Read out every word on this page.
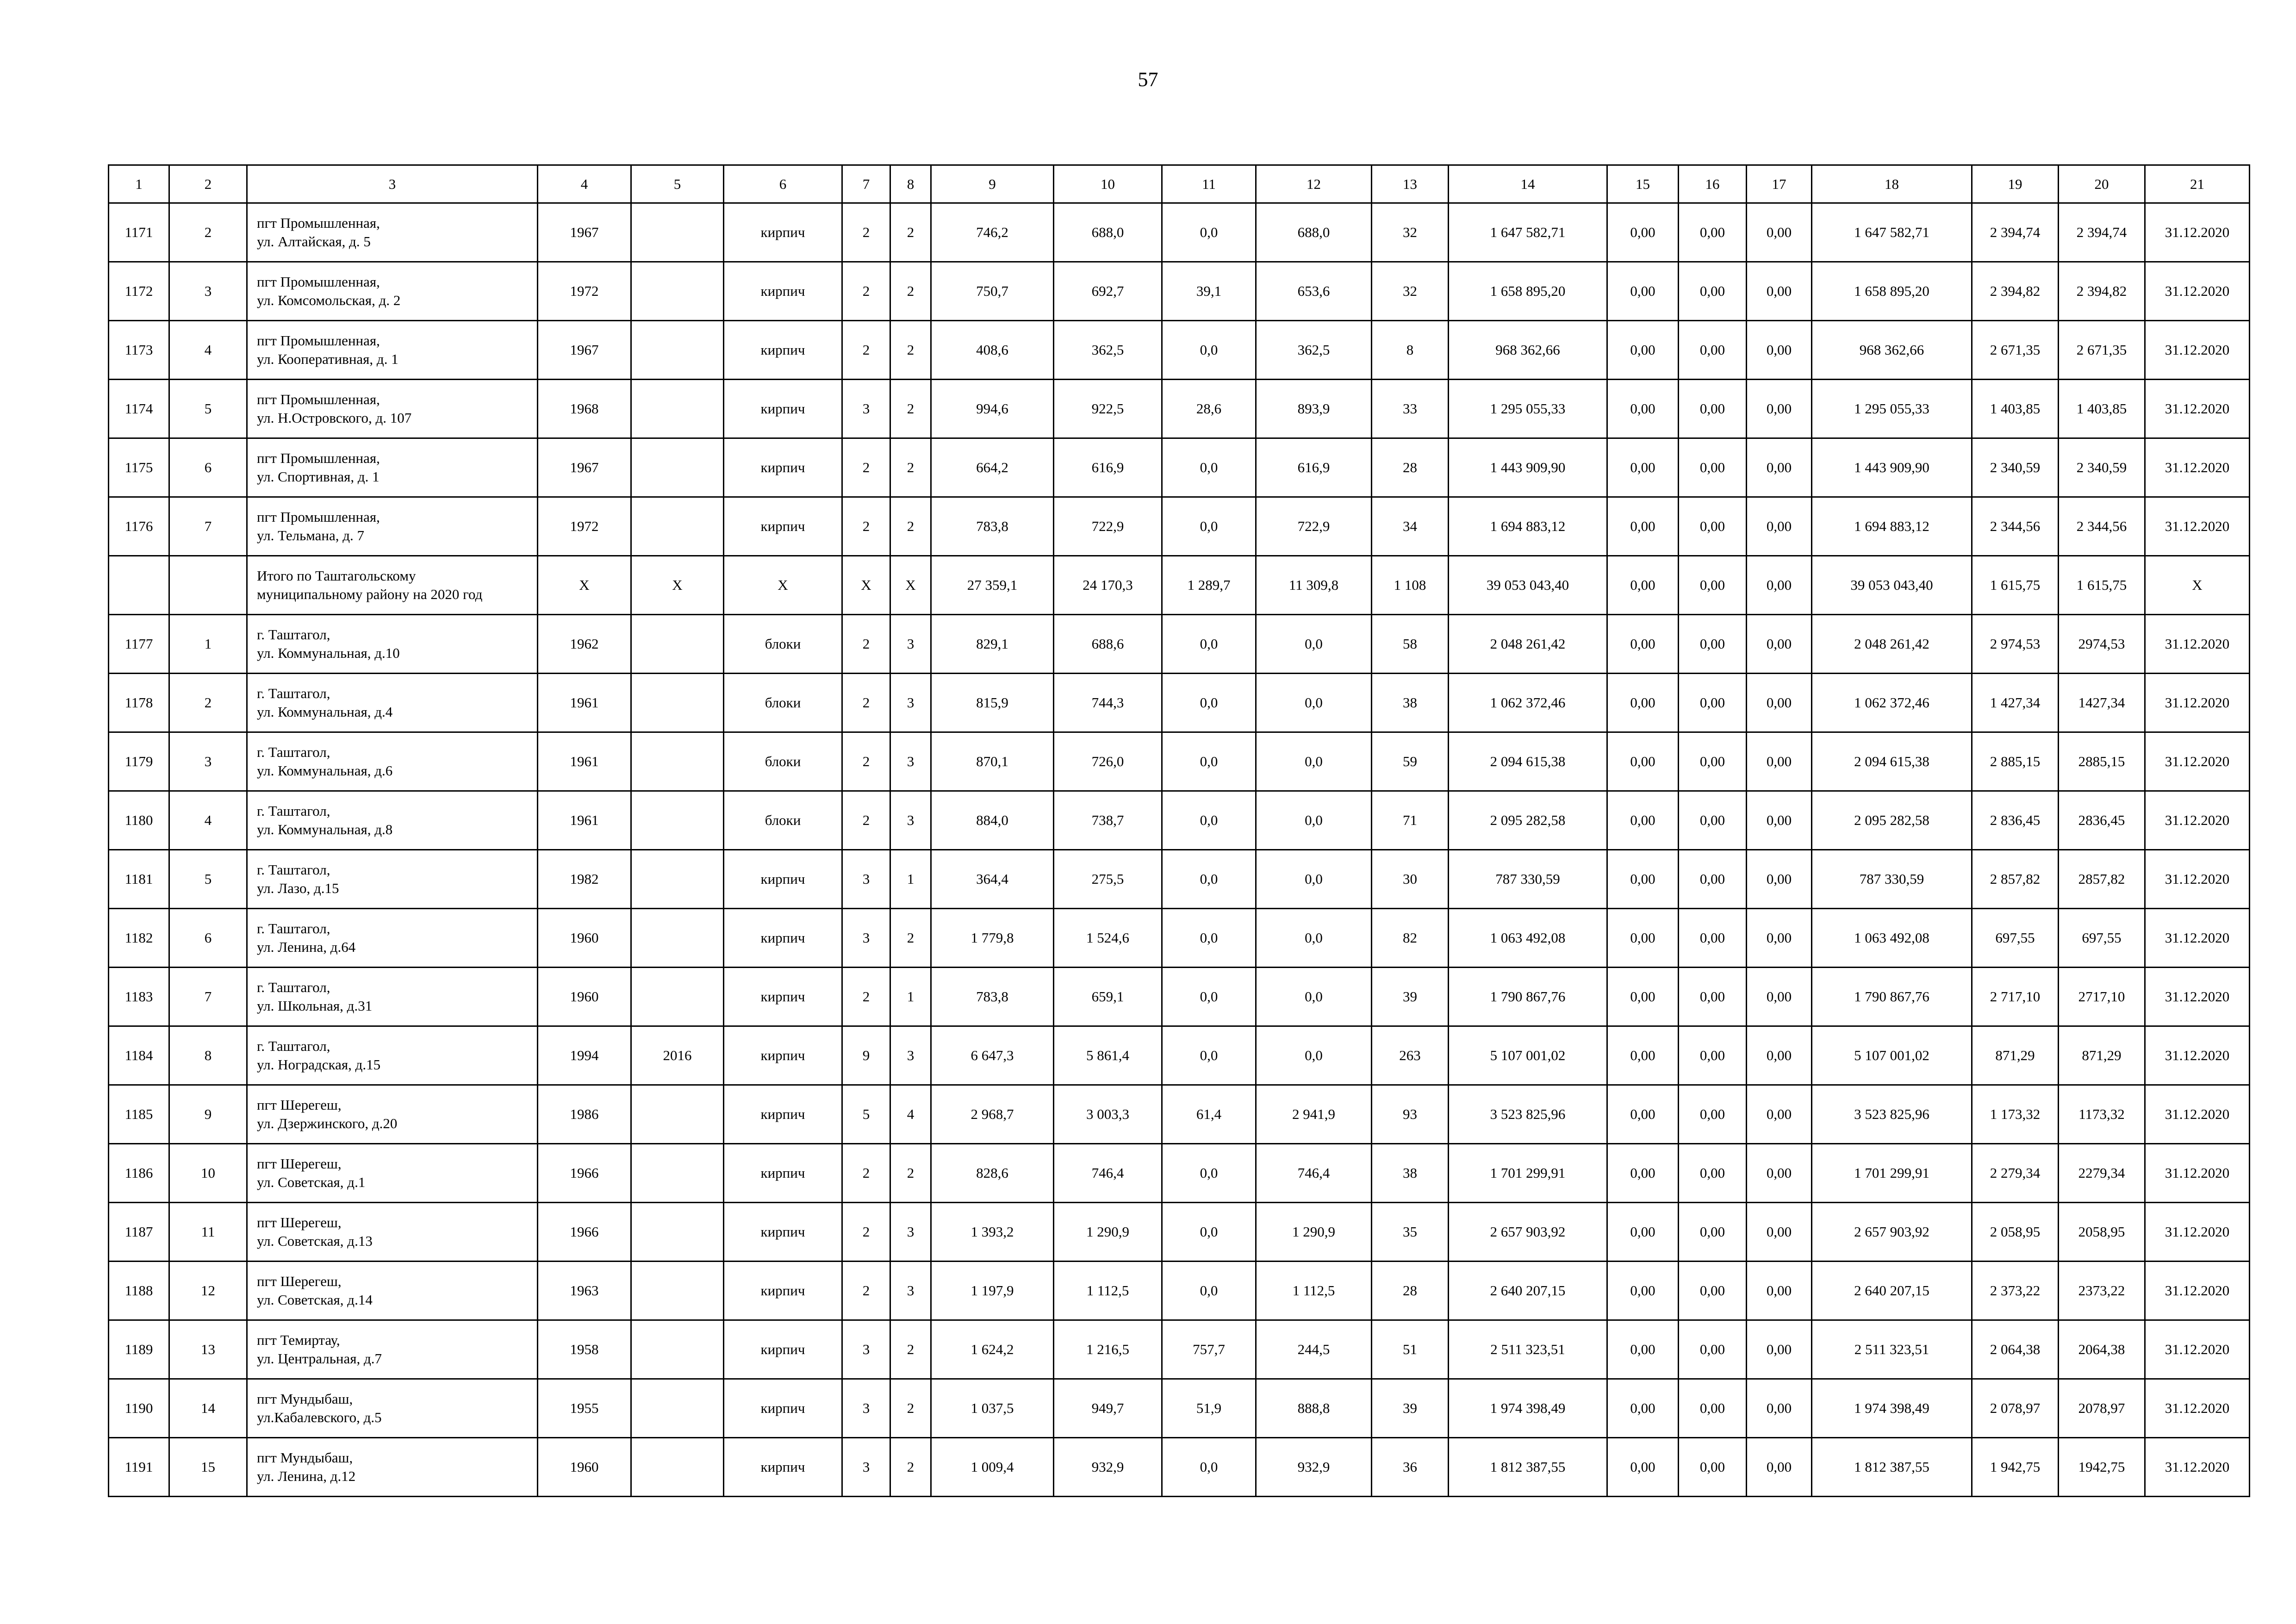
57
1	2	3	4	5	6	7	8	9	10	11	12	13	14	15	16	17	18	19	20	21
1171	2	пгт Промышленная,
ул. Алтайская, д. 5	1967		кирпич	2	2	746,2	688,0	0,0	688,0	32	1 647 582,71	0,00	0,00	0,00	1 647 582,71	2 394,74	2 394,74	31.12.2020
1172	3	пгт Промышленная,
ул. Комсомольская, д. 2	1972		кирпич	2	2	750,7	692,7	39,1	653,6	32	1 658 895,20	0,00	0,00	0,00	1 658 895,20	2 394,82	2 394,82	31.12.2020
1173	4	пгт Промышленная,
ул. Кооперативная, д. 1	1967		кирпич	2	2	408,6	362,5	0,0	362,5	8	968 362,66	0,00	0,00	0,00	968 362,66	2 671,35	2 671,35	31.12.2020
1174	5	пгт Промышленная,
ул. Н.Островского, д. 107	1968		кирпич	3	2	994,6	922,5	28,6	893,9	33	1 295 055,33	0,00	0,00	0,00	1 295 055,33	1 403,85	1 403,85	31.12.2020
1175	6	пгт Промышленная,
ул. Спортивная, д. 1	1967		кирпич	2	2	664,2	616,9	0,0	616,9	28	1 443 909,90	0,00	0,00	0,00	1 443 909,90	2 340,59	2 340,59	31.12.2020
1176	7	пгт Промышленная,
ул. Тельмана, д. 7	1972		кирпич	2	2	783,8	722,9	0,0	722,9	34	1 694 883,12	0,00	0,00	0,00	1 694 883,12	2 344,56	2 344,56	31.12.2020

		Итого по Таштагольскому
муниципальному району на 2020 год	X	X	X	X	X	27 359,1	24 170,3	1 289,7	11 309,8	1 108	39 053 043,40	0,00	0,00	0,00	39 053 043,40	1 615,75	1 615,75	X
1177	1	г. Таштагол,
ул. Коммунальная, д.10	1962		блоки	2	3	829,1	688,6	0,0	0,0	58	2 048 261,42	0,00	0,00	0,00	2 048 261,42	2 974,53	2974,53	31.12.2020
1178	2	г. Таштагол,
ул. Коммунальная, д.4	1961		блоки	2	3	815,9	744,3	0,0	0,0	38	1 062 372,46	0,00	0,00	0,00	1 062 372,46	1 427,34	1427,34	31.12.2020
1179	3	г. Таштагол,
ул. Коммунальная, д.6	1961		блоки	2	3	870,1	726,0	0,0	0,0	59	2 094 615,38	0,00	0,00	0,00	2 094 615,38	2 885,15	2885,15	31.12.2020
1180	4	г. Таштагол,
ул. Коммунальная, д.8	1961		блоки	2	3	884,0	738,7	0,0	0,0	71	2 095 282,58	0,00	0,00	0,00	2 095 282,58	2 836,45	2836,45	31.12.2020
1181	5	г. Таштагол,
ул. Лазо, д.15	1982		кирпич	3	1	364,4	275,5	0,0	0,0	30	787 330,59	0,00	0,00	0,00	787 330,59	2 857,82	2857,82	31.12.2020
1182	6	г. Таштагол,
ул. Ленина, д.64	1960		кирпич	3	2	1 779,8	1 524,6	0,0	0,0	82	1 063 492,08	0,00	0,00	0,00	1 063 492,08	697,55	697,55	31.12.2020
1183	7	г. Таштагол,
ул. Школьная, д.31	1960		кирпич	2	1	783,8	659,1	0,0	0,0	39	1 790 867,76	0,00	0,00	0,00	1 790 867,76	2 717,10	2717,10	31.12.2020
1184	8	г. Таштагол,
ул. Ноградская, д.15	1994	2016	кирпич	9	3	6 647,3	5 861,4	0,0	0,0	263	5 107 001,02	0,00	0,00	0,00	5 107 001,02	871,29	871,29	31.12.2020
1185	9	пгт Шерегеш,
ул. Дзержинского, д.20	1986		кирпич	5	4	2 968,7	3 003,3	61,4	2 941,9	93	3 523 825,96	0,00	0,00	0,00	3 523 825,96	1 173,32	1173,32	31.12.2020
1186	10	пгт Шерегеш,
ул. Советская, д.1	1966		кирпич	2	2	828,6	746,4	0,0	746,4	38	1 701 299,91	0,00	0,00	0,00	1 701 299,91	2 279,34	2279,34	31.12.2020
1187	11	пгт Шерегеш,
ул. Советская, д.13	1966		кирпич	2	3	1 393,2	1 290,9	0,0	1 290,9	35	2 657 903,92	0,00	0,00	0,00	2 657 903,92	2 058,95	2058,95	31.12.2020
1188	12	пгт Шерегеш,
ул. Советская, д.14	1963		кирпич	2	3	1 197,9	1 112,5	0,0	1 112,5	28	2 640 207,15	0,00	0,00	0,00	2 640 207,15	2 373,22	2373,22	31.12.2020
1189	13	пгт Темиртау,
ул. Центральная, д.7	1958		кирпич	3	2	1 624,2	1 216,5	757,7	244,5	51	2 511 323,51	0,00	0,00	0,00	2 511 323,51	2 064,38	2064,38	31.12.2020
1190	14	пгт Мундыбаш,
ул.Кабалевского, д.5	1955		кирпич	3	2	1 037,5	949,7	51,9	888,8	39	1 974 398,49	0,00	0,00	0,00	1 974 398,49	2 078,97	2078,97	31.12.2020
1191	15	пгт Мундыбаш,
ул. Ленина, д.12	1960		кирпич	3	2	1 009,4	932,9	0,0	932,9	36	1 812 387,55	0,00	0,00	0,00	1 812 387,55	1 942,75	1942,75	31.12.2020
